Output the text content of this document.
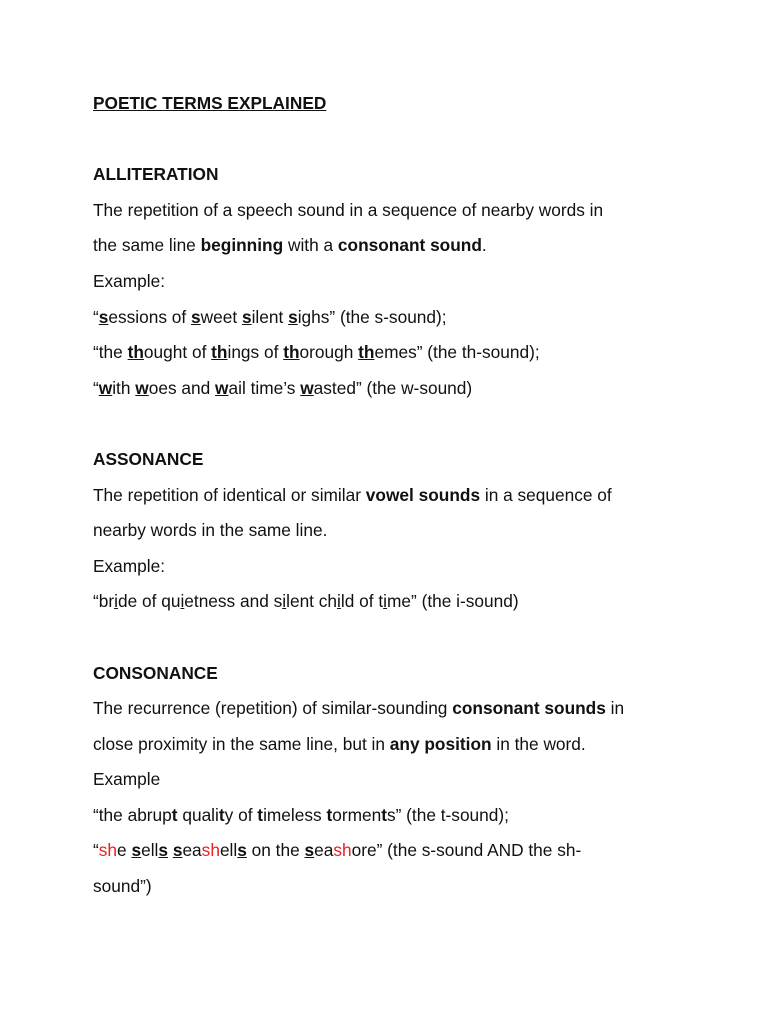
POETIC TERMS EXPLAINED
ALLITERATION
The repetition of a speech sound in a sequence of nearby words in
the same line beginning with a consonant sound.
Example:
“sessions of sweet silent sighs” (the s-sound);
“the thought of things of thorough themes” (the th-sound);
“with woes and wail time’s wasted” (the w-sound)
ASSONANCE
The repetition of identical or similar vowel sounds in a sequence of
nearby words in the same line.
Example:
“bride of quietness and silent child of time” (the i-sound)
CONSONANCE
The recurrence (repetition) of similar-sounding consonant sounds in
close proximity in the same line, but in any position in the word.
Example
“the abrupt quality of timeless torments” (the t-sound);
“she sells seashells on the seashore” (the s-sound AND the sh-
sound”)
